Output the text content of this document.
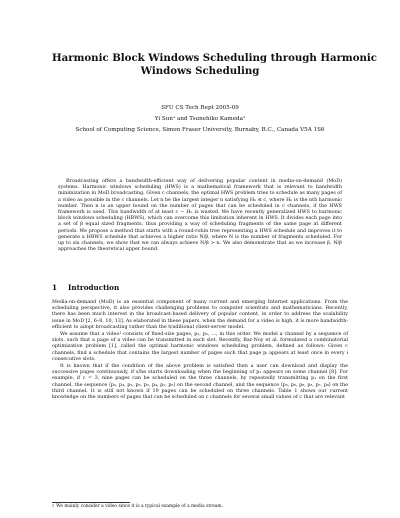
Harmonic Block Windows Scheduling through Harmonic
Windows Scheduling
SFU CS Tech Rept 2005-09
Yi Sun¹ and Tsunehiko Kameda¹
School of Computing Science, Simon Fraser University, Burnaby, B.C., Canada V5A 1S6

Broadcasting offers a bandwidth-efficient way of delivering popular content in media-on-demand (MoD) systems. Harmonic windows scheduling (HWS) is a mathematical framework that is relevant to bandwidth minimization in MoD broadcasting. Given c channels, the optimal HWS problem tries to schedule as many pages of a video as possible in the c channels. Let n be the largest integer n satisfying Hₙ ≤ c, where Hₙ is the nth harmonic number. Then n is an upper bound on the number of pages that can be scheduled in c channels, if the HWS framework is used. This bandwidth of at least c − Hₙ is wasted. We have recently generalized HWS to harmonic block windows scheduling (HBWS), which can overcome this limitation inherent in HWS. It divides each page into a set of β equal sized fragments, thus providing a way of scheduling fragments of the same page at different periods. We propose a method that starts with a round-robin tree representing a HWS schedule and improves it to generate a HBWS schedule that achieves a higher ratio N/β, where N is the number of fragments scheduled. For up to six channels, we show that we can always achieve N/β > n. We also demonstrate that as we increase β, N/β approaches the theoretical upper bound.

1 Introduction

Media-on-demand (MoD) is an essential component of many current and emerging Internet applications. From the scheduling perspective, it also provides challenging problems to computer scientists and mathematicians. Recently, there has been much interest in the broadcast-based delivery of popular content, in order to address the scalability issue in MoD [2, 6–8, 10, 13]. As elaborated in these papers, when the demand for a video is high, it is more bandwidth-efficient to adopt broadcasting rather than the traditional client-server model.

We assume that a video¹ consists of fixed-size pages, p₁, p₂, …, in this order. We model a channel by a sequence of slots, such that a page of a video can be transmitted in each slot. Recently, Bar-Noy et al. formulated a combinatorial optimization problem [1], called the optimal harmonic windows scheduling problem, defined as follows: Given c channels, find a schedule that contains the largest number of pages such that page pᵢ appears at least once in every i consecutive slots.

It is known that if the condition of the above problem is satisfied then a user can download and display the successive pages continuously, if s/he starts downloading when the beginning of p₁ appears on some channel [8]. For example, if c = 3, nine pages can be scheduled on the three channels, by repeatedly transmitting p₁ on the first channel, the sequence ⟨p₂, p₄, p₂, p₅, p₂, p₄, p₂, p₅⟩ on the second channel, and the sequence ⟨p₃, p₆, p₈, p₃, p₇, p₉⟩ on the third channel. It is still not known if 10 pages can be scheduled on three channels. Table 1 shows our current knowledge on the numbers of pages that can be scheduled on c channels for several small values of c that are relevant

$^1$ We mainly consider a video since it is a typical example of a media stream.
